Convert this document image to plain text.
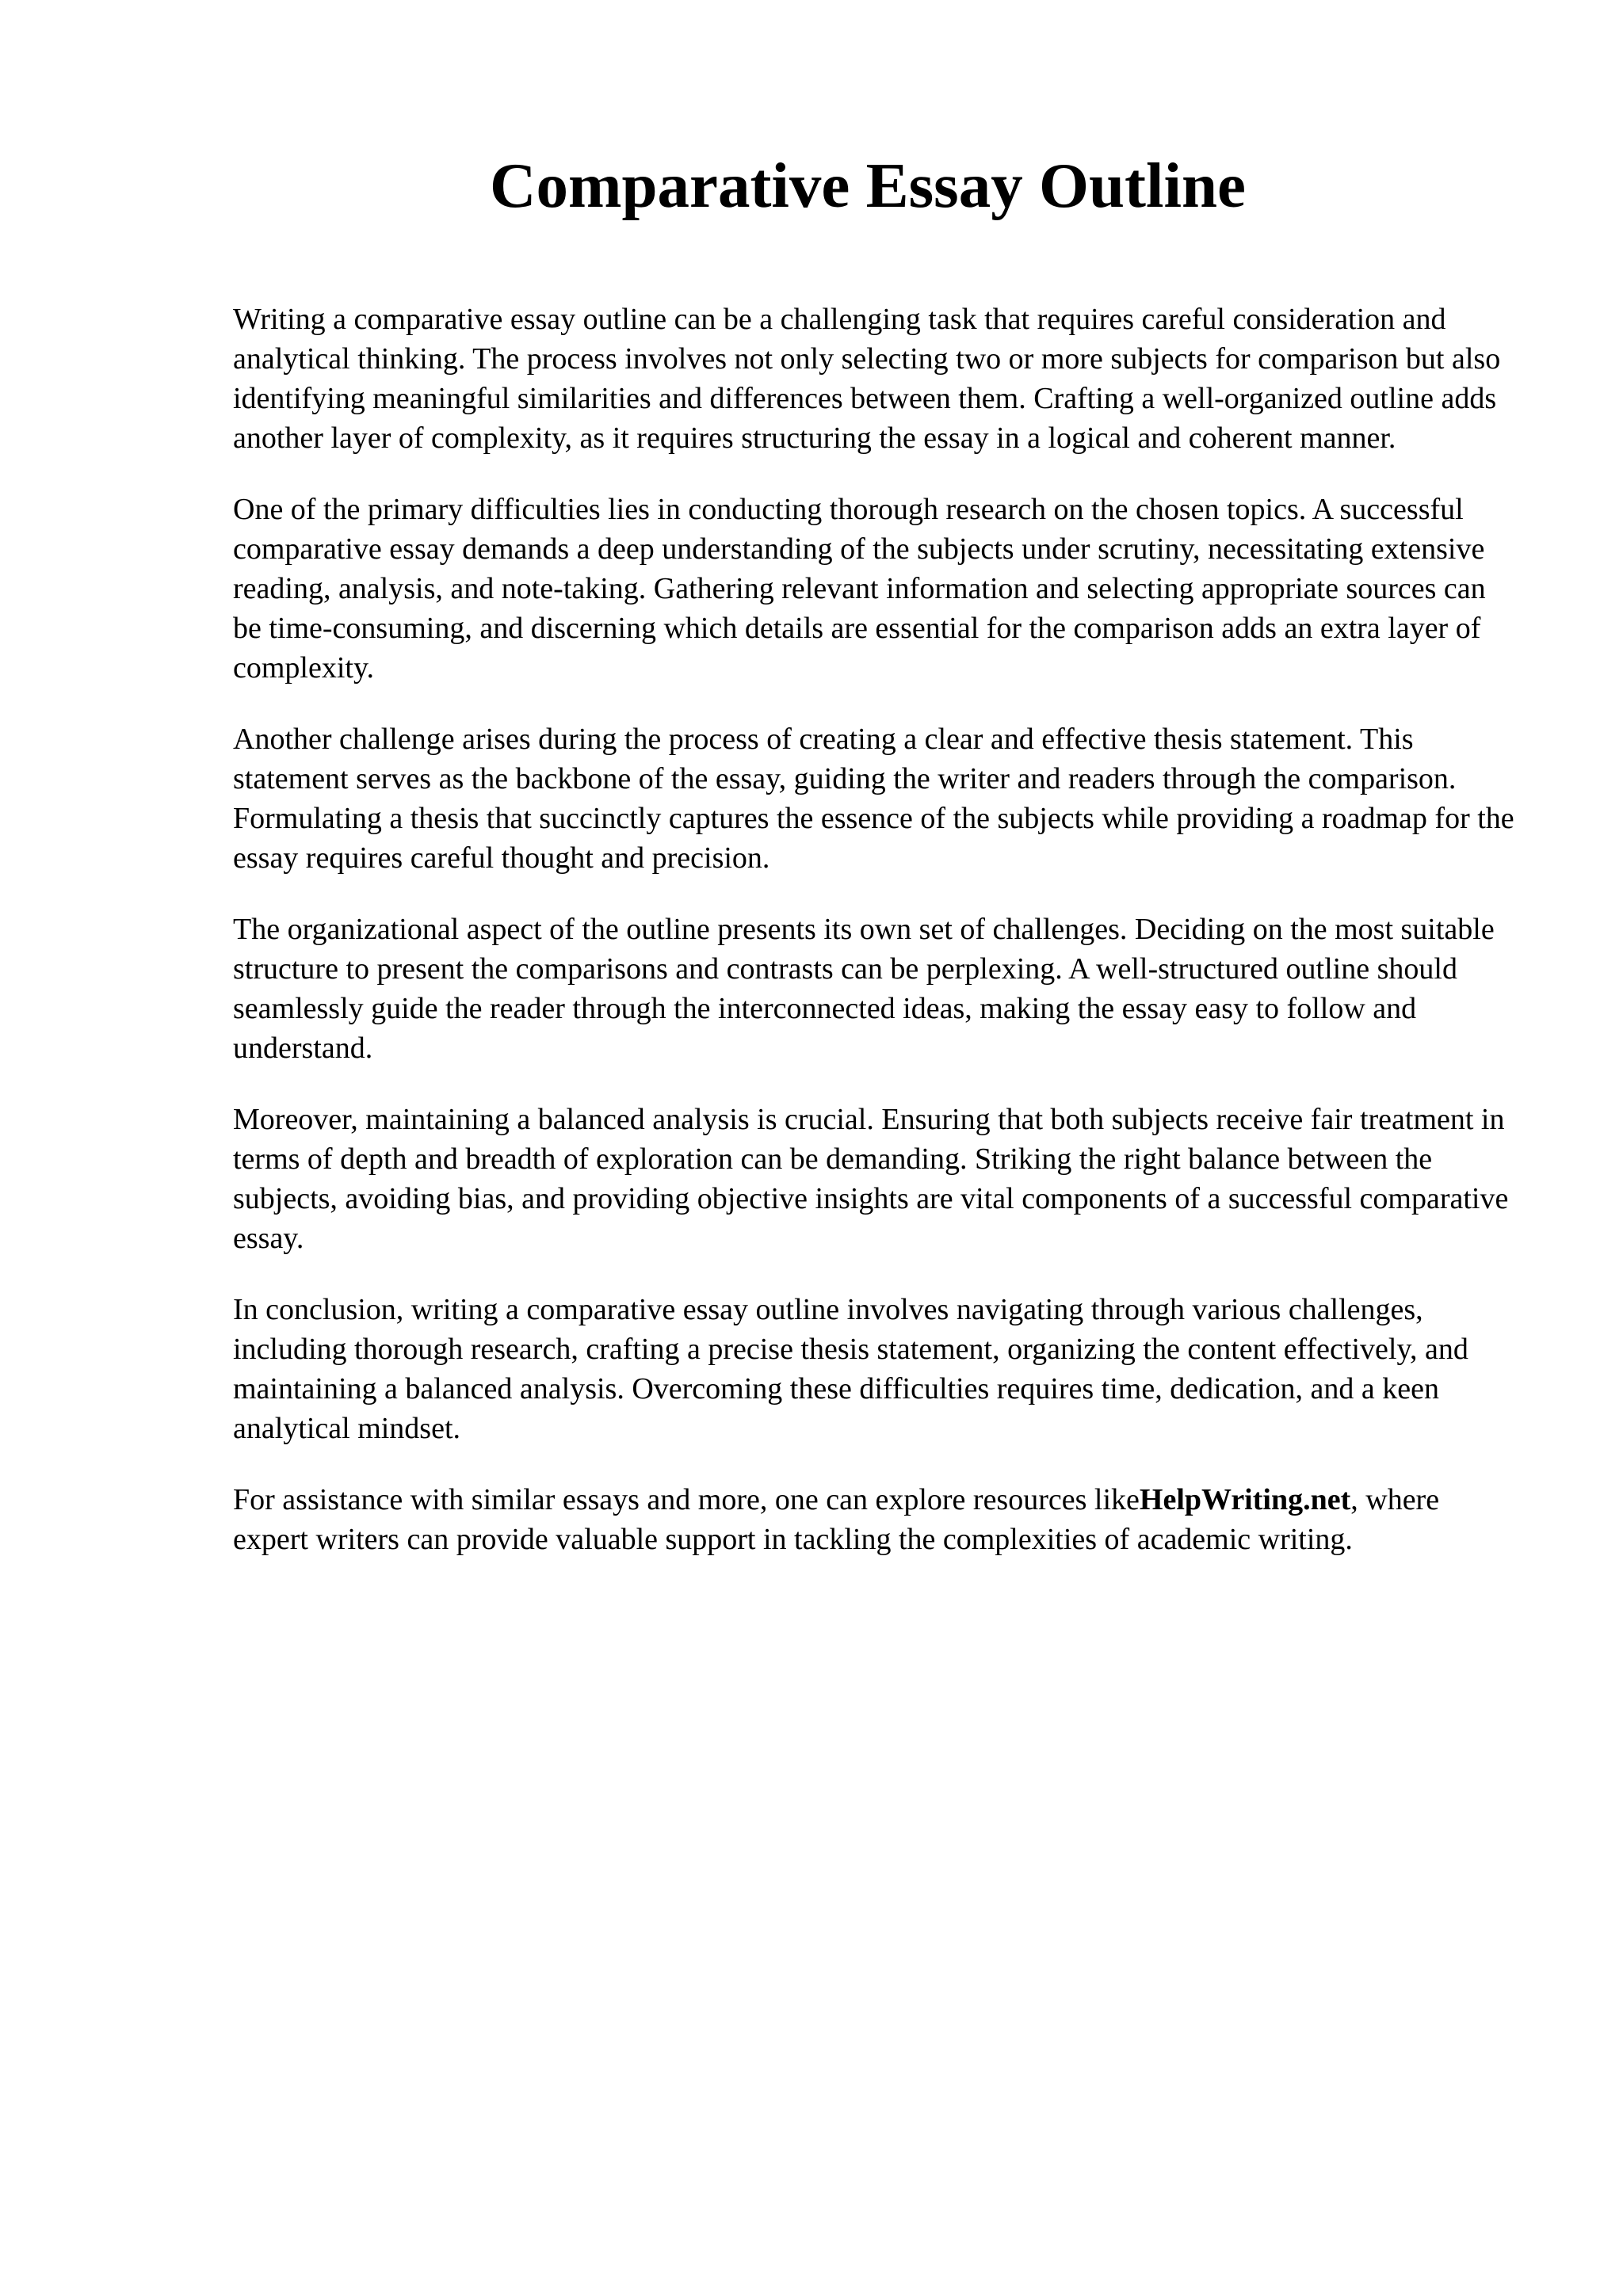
Comparative Essay Outline

Writing a comparative essay outline can be a challenging task that requires careful consideration and analytical thinking. The process involves not only selecting two or more subjects for comparison but also identifying meaningful similarities and differences between them. Crafting a well-organized outline adds another layer of complexity, as it requires structuring the essay in a logical and coherent manner.

One of the primary difficulties lies in conducting thorough research on the chosen topics. A successful comparative essay demands a deep understanding of the subjects under scrutiny, necessitating extensive reading, analysis, and note-taking. Gathering relevant information and selecting appropriate sources can be time-consuming, and discerning which details are essential for the comparison adds an extra layer of complexity.

Another challenge arises during the process of creating a clear and effective thesis statement. This statement serves as the backbone of the essay, guiding the writer and readers through the comparison. Formulating a thesis that succinctly captures the essence of the subjects while providing a roadmap for the essay requires careful thought and precision.

The organizational aspect of the outline presents its own set of challenges. Deciding on the most suitable structure to present the comparisons and contrasts can be perplexing. A well-structured outline should seamlessly guide the reader through the interconnected ideas, making the essay easy to follow and understand.

Moreover, maintaining a balanced analysis is crucial. Ensuring that both subjects receive fair treatment in terms of depth and breadth of exploration can be demanding. Striking the right balance between the subjects, avoiding bias, and providing objective insights are vital components of a successful comparative essay.

In conclusion, writing a comparative essay outline involves navigating through various challenges, including thorough research, crafting a precise thesis statement, organizing the content effectively, and maintaining a balanced analysis. Overcoming these difficulties requires time, dedication, and a keen analytical mindset.

For assistance with similar essays and more, one can explore resources likeHelpWriting.net, where expert writers can provide valuable support in tackling the complexities of academic writing.
